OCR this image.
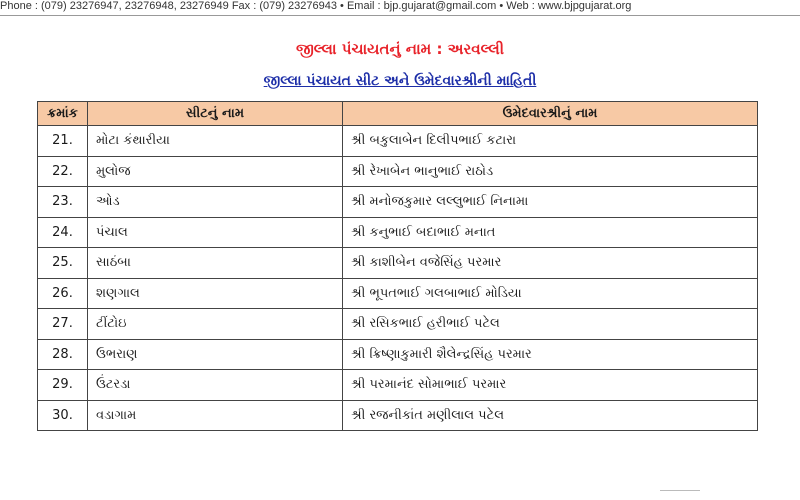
Phone : (079) 23276947, 23276948, 23276949 Fax : (079) 23276943 • Email : bjp.gujarat@gmail.com • Web : www.bjpgujarat.org
જીલ્લા પંચાયતનું નામ : અરવલ્લી
જીલ્લા પંચાયત સીટ અને ઉમેદવારશ્રીની માહિતી
ક્રમાંક	સીટનું નામ	ઉમેદવારશ્રીનું નામ
21.	મોટા કંથારીયા	શ્રી બકુલાબેન દિલીપભાઈ કટારા
22.	મુલોજ	શ્રી રેખાબેન ભાનુભાઈ રાઠોડ
23.	ઓડ	શ્રી મનોજકુમાર લલ્લુભાઈ નિનામા
24.	પંચાલ	શ્રી કનુભાઈ બદાભાઈ મનાત
25.	સાઠંબા	શ્રી કાશીબેન વજેસિંહ પરમાર
26.	શણગાલ	શ્રી ભૂપતભાઈ ગલબાભાઈ મોડિયા
27.	ટીંટોઇ	શ્રી રસિકભાઈ હરીભાઈ પટેલ
28.	ઉભરાણ	શ્રી ક્રિષ્ણાકુમારી શૈલેન્દ્રસિંહ પરમાર
29.	ઉંટરડા	શ્રી પરમાનંદ સોમાભાઈ પરમાર
30.	વડાગામ	શ્રી રજનીકાંત મણીલાલ પટેલ
